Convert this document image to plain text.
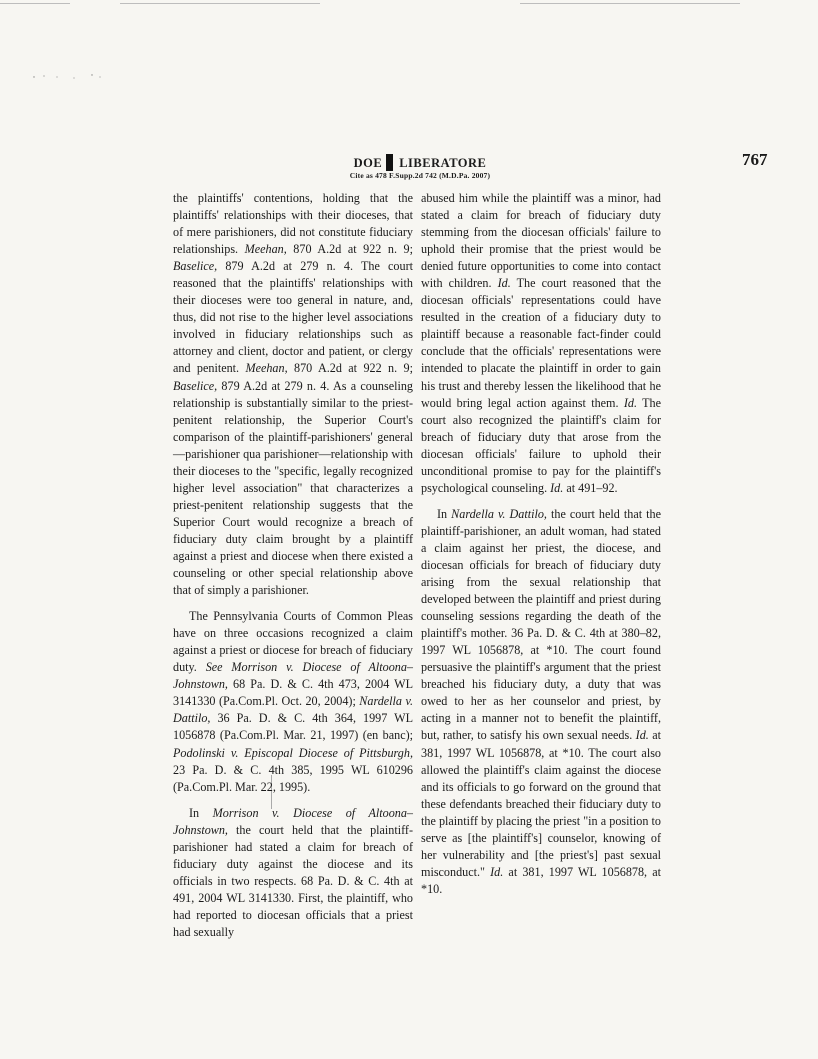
DOE LIBERATORE
Cite as 478 F.Supp.2d 742 (M.D.Pa. 2007)
767

the plaintiffs' contentions, holding that the plaintiffs' relationships with their dioceses, that of mere parishioners, did not constitute fiduciary relationships. Meehan, 870 A.2d at 922 n. 9; Baselice, 879 A.2d at 279 n. 4. The court reasoned that the plaintiffs' relationships with their dioceses were too general in nature, and, thus, did not rise to the higher level associations involved in fiduciary relationships such as attorney and client, doctor and patient, or clergy and penitent. Meehan, 870 A.2d at 922 n. 9; Baselice, 879 A.2d at 279 n. 4. As a counseling relationship is substantially similar to the priest-penitent relationship, the Superior Court's comparison of the plaintiff-parishioners' general—parishioner qua parishioner—relationship with their dioceses to the "specific, legally recognized higher level association" that characterizes a priest-penitent relationship suggests that the Superior Court would recognize a breach of fiduciary duty claim brought by a plaintiff against a priest and diocese when there existed a counseling or other special relationship above that of simply a parishioner.

The Pennsylvania Courts of Common Pleas have on three occasions recognized a claim against a priest or diocese for breach of fiduciary duty. See Morrison v. Diocese of Altoona–Johnstown, 68 Pa. D. & C. 4th 473, 2004 WL 3141330 (Pa.Com.Pl. Oct. 20, 2004); Nardella v. Dattilo, 36 Pa. D. & C. 4th 364, 1997 WL 1056878 (Pa.Com.Pl. Mar. 21, 1997) (en banc); Podolinski v. Episcopal Diocese of Pittsburgh, 23 Pa. D. & C. 4th 385, 1995 WL 610296 (Pa.Com.Pl. Mar. 22, 1995).

In Morrison v. Diocese of Altoona–Johnstown, the court held that the plaintiff-parishioner had stated a claim for breach of fiduciary duty against the diocese and its officials in two respects. 68 Pa. D. & C. 4th at 491, 2004 WL 3141330. First, the plaintiff, who had reported to diocesan officials that a priest had sexually

abused him while the plaintiff was a minor, had stated a claim for breach of fiduciary duty stemming from the diocesan officials' failure to uphold their promise that the priest would be denied future opportunities to come into contact with children. Id. The court reasoned that the diocesan officials' representations could have resulted in the creation of a fiduciary duty to plaintiff because a reasonable fact-finder could conclude that the officials' representations were intended to placate the plaintiff in order to gain his trust and thereby lessen the likelihood that he would bring legal action against them. Id. The court also recognized the plaintiff's claim for breach of fiduciary duty that arose from the diocesan officials' failure to uphold their unconditional promise to pay for the plaintiff's psychological counseling. Id. at 491–92.

In Nardella v. Dattilo, the court held that the plaintiff-parishioner, an adult woman, had stated a claim against her priest, the diocese, and diocesan officials for breach of fiduciary duty arising from the sexual relationship that developed between the plaintiff and priest during counseling sessions regarding the death of the plaintiff's mother. 36 Pa. D. & C. 4th at 380–82, 1997 WL 1056878, at *10. The court found persuasive the plaintiff's argument that the priest breached his fiduciary duty, a duty that was owed to her as her counselor and priest, by acting in a manner not to benefit the plaintiff, but, rather, to satisfy his own sexual needs. Id. at 381, 1997 WL 1056878, at *10. The court also allowed the plaintiff's claim against the diocese and its officials to go forward on the ground that these defendants breached their fiduciary duty to the plaintiff by placing the priest "in a position to serve as [the plaintiff's] counselor, knowing of her vulnerability and [the priest's] past sexual misconduct." Id. at 381, 1997 WL 1056878, at *10.
